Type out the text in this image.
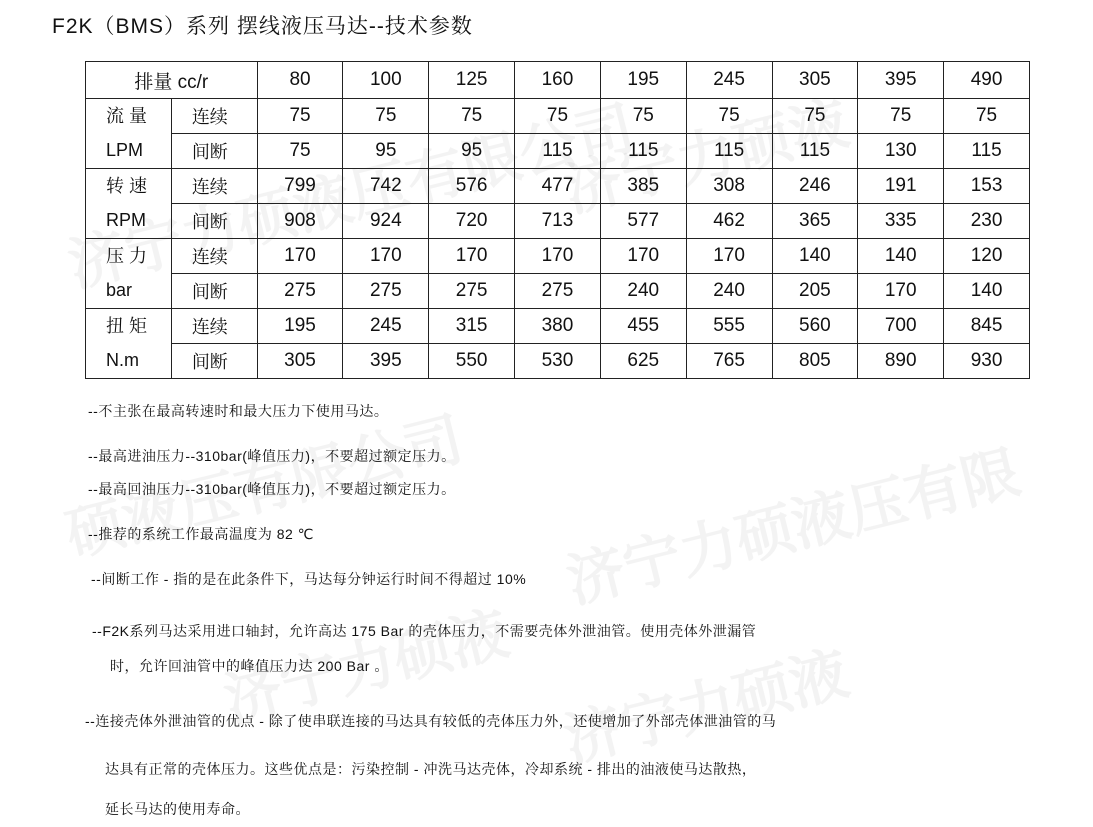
F2K（BMS）系列 摆线液压马达--技术参数
排量 cc/r		80	100	125	160	195	245	305	395	490

流 量
LPM	连续	75	75	75	75	75	75	75	75	75
	间断	75	95	95	115	115	115	115	130	115

转 速
RPM	连续	799	742	576	477	385	308	246	191	153
	间断	908	924	720	713	577	462	365	335	230

压 力
bar	连续	170	170	170	170	170	170	140	140	120
	间断	275	275	275	275	240	240	205	170	140

扭 矩
N.m	连续	195	245	315	380	455	555	560	700	845
	间断	305	395	550	530	625	765	805	890	930
--不主张在最高转速时和最大压力下使用马达。
--最高进油压力--310bar(峰值压力)，不要超过额定压力。
--最高回油压力--310bar(峰值压力)，不要超过额定压力。
--推荐的系统工作最高温度为 82 ℃
--间断工作 - 指的是在此条件下，马达每分钟运行时间不得超过 10%
--F2K系列马达采用进口轴封，允许高达 175 Bar 的壳体压力，不需要壳体外泄油管。使用壳体外泄漏管
时，允许回油管中的峰值压力达 200 Bar 。
--连接壳体外泄油管的优点 - 除了使串联连接的马达具有较低的壳体压力外，还使增加了外部壳体泄油管的马
达具有正常的壳体压力。这些优点是：污染控制 - 冲洗马达壳体，冷却系统 - 排出的油液使马达散热，
延长马达的使用寿命。
